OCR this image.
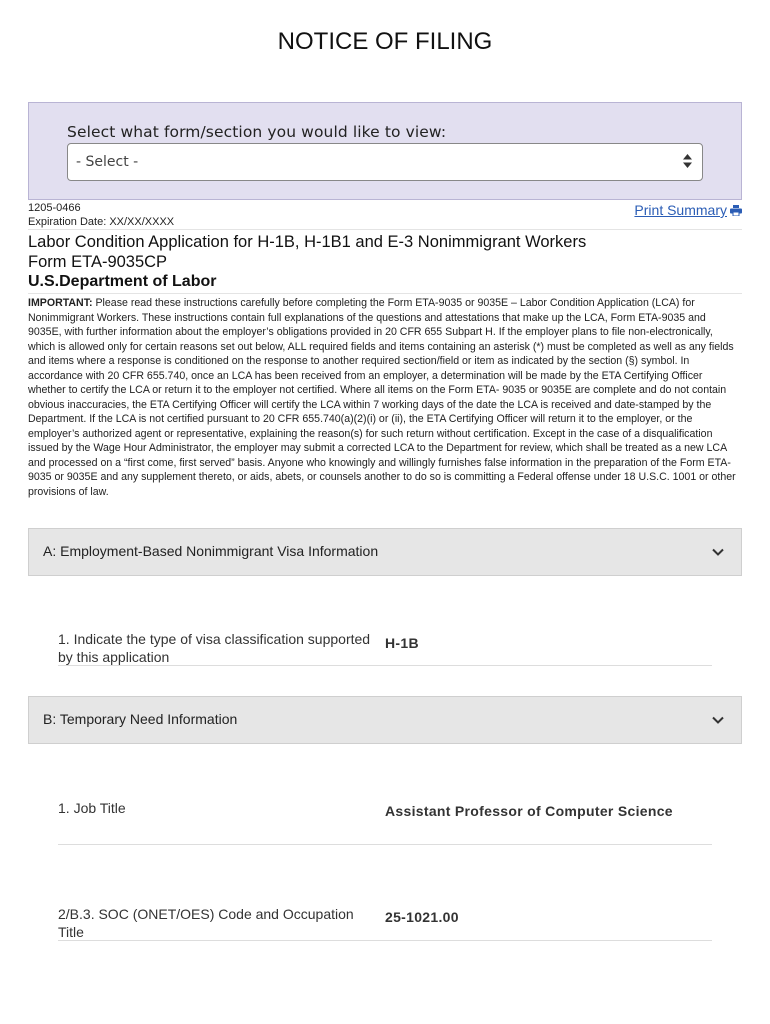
NOTICE OF FILING
Select what form/section you would like to view:
- Select -
1205-0466
Expiration Date: XX/XX/XXXX
Print Summary
Labor Condition Application for H-1B, H-1B1 and E-3 Nonimmigrant Workers
Form ETA-9035CP
U.S.Department of Labor
IMPORTANT: Please read these instructions carefully before completing the Form ETA-9035 or 9035E – Labor Condition Application (LCA) for Nonimmigrant Workers. These instructions contain full explanations of the questions and attestations that make up the LCA, Form ETA-9035 and 9035E, with further information about the employer’s obligations provided in 20 CFR 655 Subpart H. If the employer plans to file non-electronically, which is allowed only for certain reasons set out below, ALL required fields and items containing an asterisk (*) must be completed as well as any fields and items where a response is conditioned on the response to another required section/field or item as indicated by the section (§) symbol. In accordance with 20 CFR 655.740, once an LCA has been received from an employer, a determination will be made by the ETA Certifying Officer whether to certify the LCA or return it to the employer not certified. Where all items on the Form ETA- 9035 or 9035E are complete and do not contain obvious inaccuracies, the ETA Certifying Officer will certify the LCA within 7 working days of the date the LCA is received and date-stamped by the Department. If the LCA is not certified pursuant to 20 CFR 655.740(a)(2)(i) or (ii), the ETA Certifying Officer will return it to the employer, or the employer’s authorized agent or representative, explaining the reason(s) for such return without certification. Except in the case of a disqualification issued by the Wage Hour Administrator, the employer may submit a corrected LCA to the Department for review, which shall be treated as a new LCA and processed on a “first come, first served” basis. Anyone who knowingly and willingly furnishes false information in the preparation of the Form ETA- 9035 or 9035E and any supplement thereto, or aids, abets, or counsels another to do so is committing a Federal offense under 18 U.S.C. 1001 or other provisions of law.
A: Employment-Based Nonimmigrant Visa Information
1. Indicate the type of visa classification supported by this application
H-1B
B: Temporary Need Information
1. Job Title	Assistant Professor of Computer Science
2/B.3. SOC (ONET/OES) Code and Occupation Title
25-1021.00
